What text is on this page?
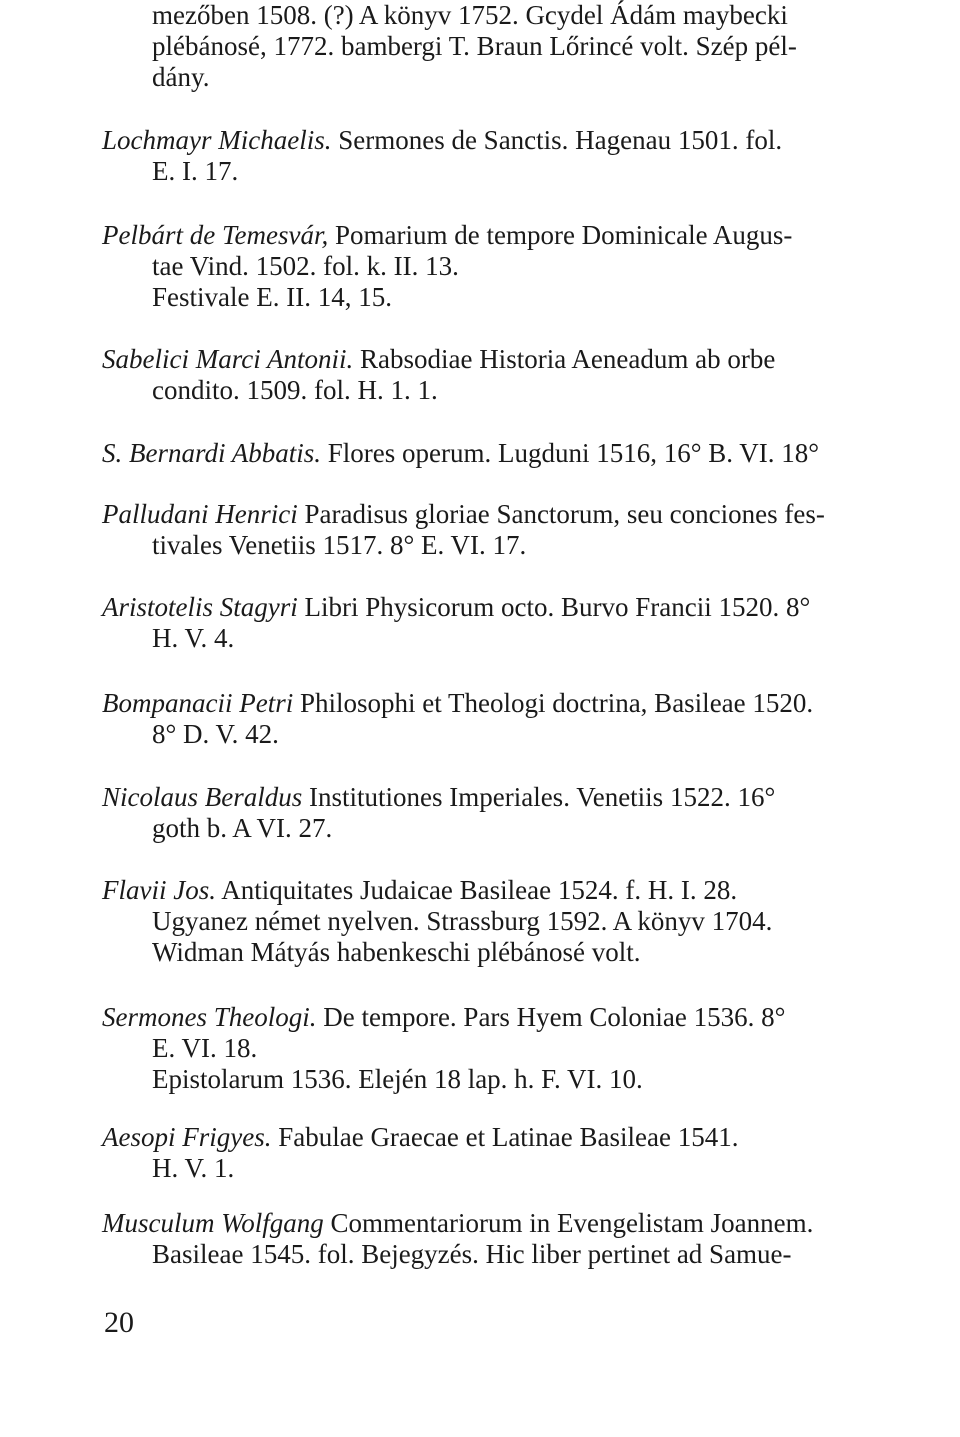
mezőben 1508. (?) A könyv 1752. Gcydel Ádám maybecki
plébánosé, 1772. bambergi T. Braun Lőrincé volt. Szép pél-
dány.
Lochmayr Michaelis. Sermones de Sanctis. Hagenau 1501. fol.
E. I. 17.
Pelbárt de Temesvár, Pomarium de tempore Dominicale Augus-
tae Vind. 1502. fol. k. II. 13.
Festivale E. II. 14, 15.
Sabelici Marci Antonii. Rabsodiae Historia Aeneadum ab orbe
condito. 1509. fol. H. 1. 1.
S. Bernardi Abbatis. Flores operum. Lugduni 1516, 16° B. VI. 18°
Palludani Henrici Paradisus gloriae Sanctorum, seu conciones fes-
tivales Venetiis 1517. 8° E. VI. 17.
Aristotelis Stagyri Libri Physicorum octo. Burvo Francii 1520. 8°
H. V. 4.
Bompanacii Petri Philosophi et Theologi doctrina, Basileae 1520.
8° D. V. 42.
Nicolaus Beraldus Institutiones Imperiales. Venetiis 1522. 16°
goth b. A VI. 27.
Flavii Jos. Antiquitates Judaicae Basileae 1524. f. H. I. 28.
Ugyanez német nyelven. Strassburg 1592. A könyv 1704.
Widman Mátyás habenkeschi plébánosé volt.
Sermones Theologi. De tempore. Pars Hyem Coloniae 1536. 8°
E. VI. 18.
Epistolarum 1536. Elején 18 lap. h. F. VI. 10.
Aesopi Frigyes. Fabulae Graecae et Latinae Basileae 1541.
H. V. 1.
Musculum Wolfgang Commentariorum in Evengelistam Joannem.
Basileae 1545. fol. Bejegyzés. Hic liber pertinet ad Samue-
20
